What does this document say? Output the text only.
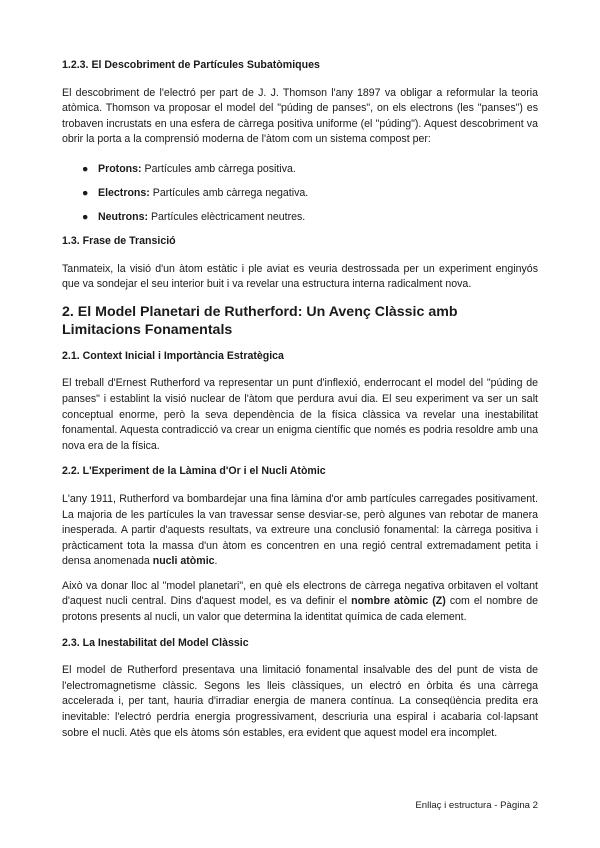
1.2.3. El Descobriment de Partícules Subatòmiques

El descobriment de l'electró per part de J. J. Thomson l'any 1897 va obligar a reformular la teoria atòmica. Thomson va proposar el model del "púding de panses", on els electrons (les "panses") es trobaven incrustats en una esfera de càrrega positiva uniforme (el "púding"). Aquest descobriment va obrir la porta a la comprensió moderna de l'àtom com un sistema compost per:

● Protons: Partícules amb càrrega positiva.
● Electrons: Partícules amb càrrega negativa.
● Neutrons: Partícules elèctricament neutres.

1.3. Frase de Transició

Tanmateix, la visió d'un àtom estàtic i ple aviat es veuria destrossada per un experiment enginyós que va sondejar el seu interior buit i va revelar una estructura interna radicalment nova.

2. El Model Planetari de Rutherford: Un Avenç Clàssic amb Limitacions Fonamentals

2.1. Context Inicial i Importància Estratègica

El treball d'Ernest Rutherford va representar un punt d'inflexió, enderrocant el model del "púding de panses" i establint la visió nuclear de l'àtom que perdura avui dia. El seu experiment va ser un salt conceptual enorme, però la seva dependència de la física clàssica va revelar una inestabilitat fonamental. Aquesta contradicció va crear un enigma científic que només es podria resoldre amb una nova era de la física.

2.2. L'Experiment de la Làmina d'Or i el Nucli Atòmic

L'any 1911, Rutherford va bombardejar una fina làmina d'or amb partícules carregades positivament. La majoria de les partícules la van travessar sense desviar-se, però algunes van rebotar de manera inesperada. A partir d'aquests resultats, va extreure una conclusió fonamental: la càrrega positiva i pràcticament tota la massa d'un àtom es concentren en una regió central extremadament petita i densa anomenada nucli atòmic.

Això va donar lloc al "model planetari", en què els electrons de càrrega negativa orbitaven el voltant d'aquest nucli central. Dins d'aquest model, es va definir el nombre atòmic (Z) com el nombre de protons presents al nucli, un valor que determina la identitat química de cada element.

2.3. La Inestabilitat del Model Clàssic

El model de Rutherford presentava una limitació fonamental insalvable des del punt de vista de l'electromagnetisme clàssic. Segons les lleis clàssiques, un electró en òrbita és una càrrega accelerada i, per tant, hauria d'irradiar energia de manera contínua. La conseqüència predita era inevitable: l'electró perdria energia progressivament, descriuria una espiral i acabaria col·lapsant sobre el nucli. Atès que els àtoms són estables, era evident que aquest model era incomplet.

Enllaç i estructura - Pàgina 2
